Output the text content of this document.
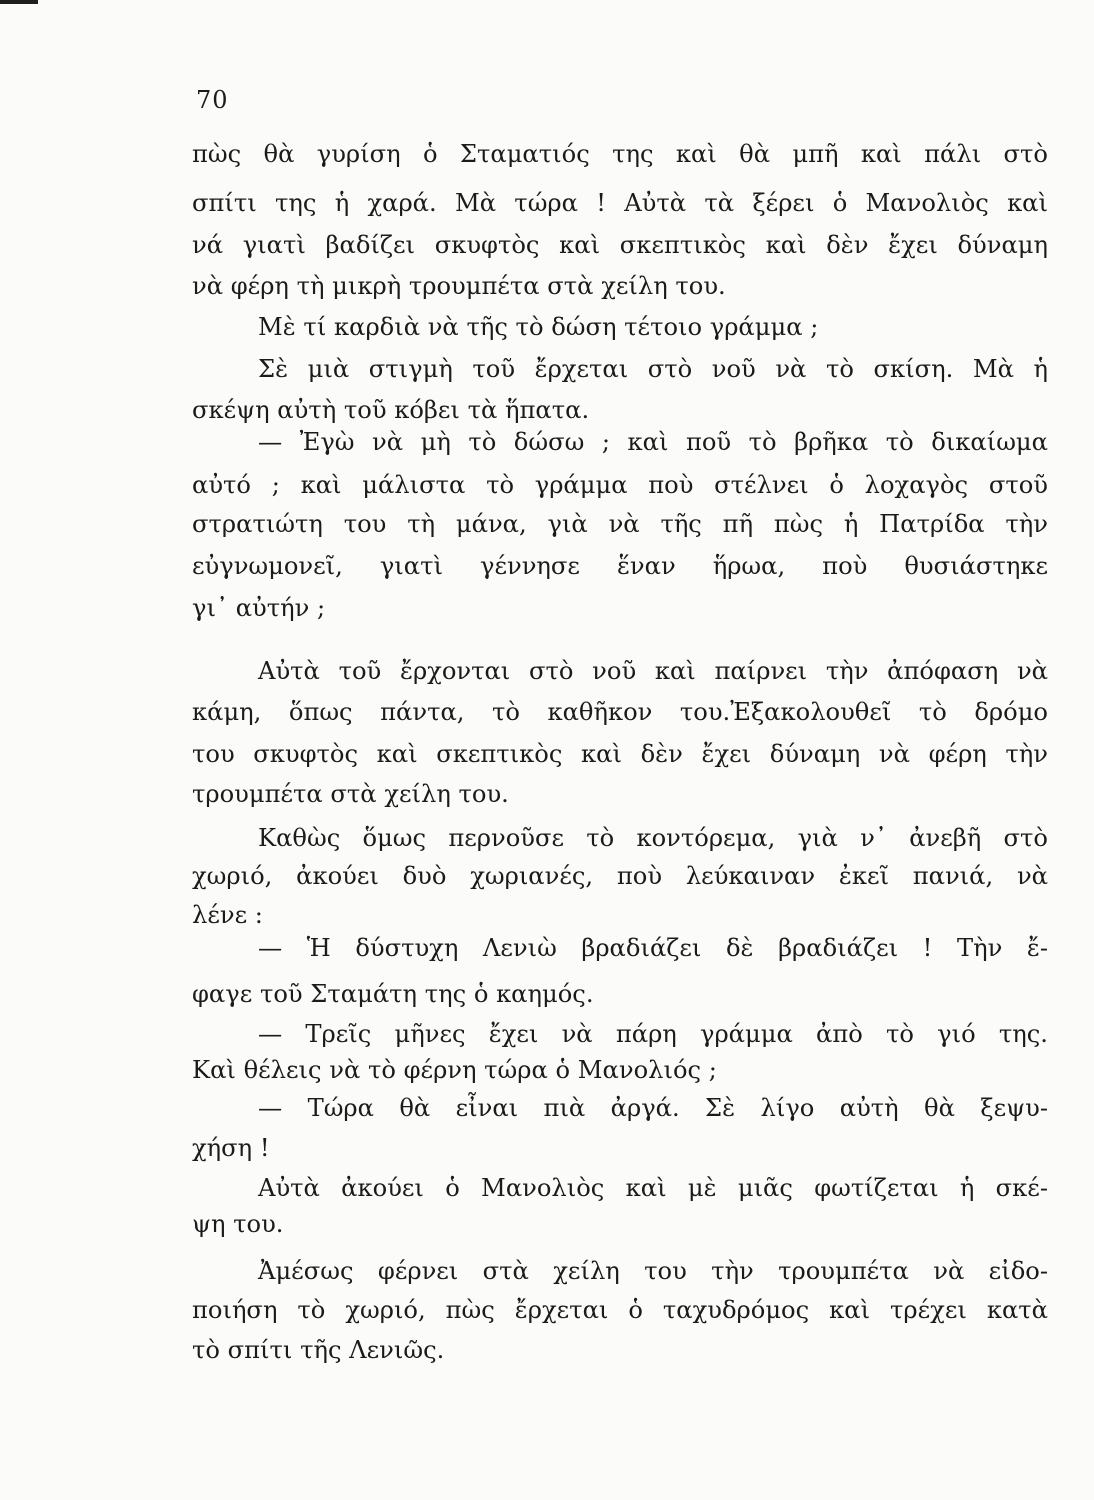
70
πὼς θὰ γυρίση ὁ Σταματιός της καὶ θὰ μπῆ καὶ πάλι στὸ
σπίτι της ἡ χαρά. Μὰ τώρα ! Αὐτὰ τὰ ξέρει ὁ Μανολιὸς καὶ
νά γιατὶ βαδίζει σκυφτὸς καὶ σκεπτικὸς καὶ δὲν ἔχει δύναμη
νὰ φέρη τὴ μικρὴ τρουμπέτα στὰ χείλη του.
Μὲ τί καρδιὰ νὰ τῆς τὸ δώση τέτοιο γράμμα ;
Σὲ μιὰ στιγμὴ τοῦ ἔρχεται στὸ νοῦ νὰ τὸ σκίση. Μὰ ἡ
σκέψη αὐτὴ τοῦ κόβει τὰ ἥπατα.
— Ἐγὼ νὰ μὴ τὸ δώσω ; καὶ ποῦ τὸ βρῆκα τὸ δικαίωμα
αὐτό ; καὶ μάλιστα τὸ γράμμα ποὺ στέλνει ὁ λοχαγὸς στοῦ
στρατιώτη του τὴ μάνα, γιὰ νὰ τῆς πῆ πὼς ἡ Πατρίδα τὴν
εὐγνωμονεῖ, γιατὶ γέννησε ἕναν ἥρωα, ποὺ θυσιάστηκε
γι᾽ αὐτήν ;
Αὐτὰ τοῦ ἔρχονται στὸ νοῦ καὶ παίρνει τὴν ἀπόφαση νὰ
κάμη, ὅπως πάντα, τὸ καθῆκον του.Ἐξακολουθεῖ τὸ δρόμο
του σκυφτὸς καὶ σκεπτικὸς καὶ δὲν ἔχει δύναμη νὰ φέρη τὴν
τρουμπέτα στὰ χείλη του.
Καθὼς ὅμως περνοῦσε τὸ κοντόρεμα, γιὰ ν᾽ ἀνεβῆ στὸ
χωριό, ἀκούει δυὸ χωριανές, ποὺ λεύκαιναν ἐκεῖ πανιά, νὰ
λένε :
— Ἡ δύστυχη Λενιὼ βραδιάζει δὲ βραδιάζει ! Τὴν ἔ-
φαγε τοῦ Σταμάτη της ὁ καημός.
— Τρεῖς μῆνες ἔχει νὰ πάρη γράμμα ἀπὸ τὸ γιό της.
Καὶ θέλεις νὰ τὸ φέρνη τώρα ὁ Μανολιός ;
— Τώρα θὰ εἶναι πιὰ ἀργά. Σὲ λίγο αὐτὴ θὰ ξεψυ-
χήση !
Αὐτὰ ἀκούει ὁ Μανολιὸς καὶ μὲ μιᾶς φωτίζεται ἡ σκέ-
ψη του.
Ἀμέσως φέρνει στὰ χείλη του τὴν τρουμπέτα νὰ εἰδο-
ποιήση τὸ χωριό, πὼς ἔρχεται ὁ ταχυδρόμος καὶ τρέχει κατὰ
τὸ σπίτι τῆς Λενιῶς.
